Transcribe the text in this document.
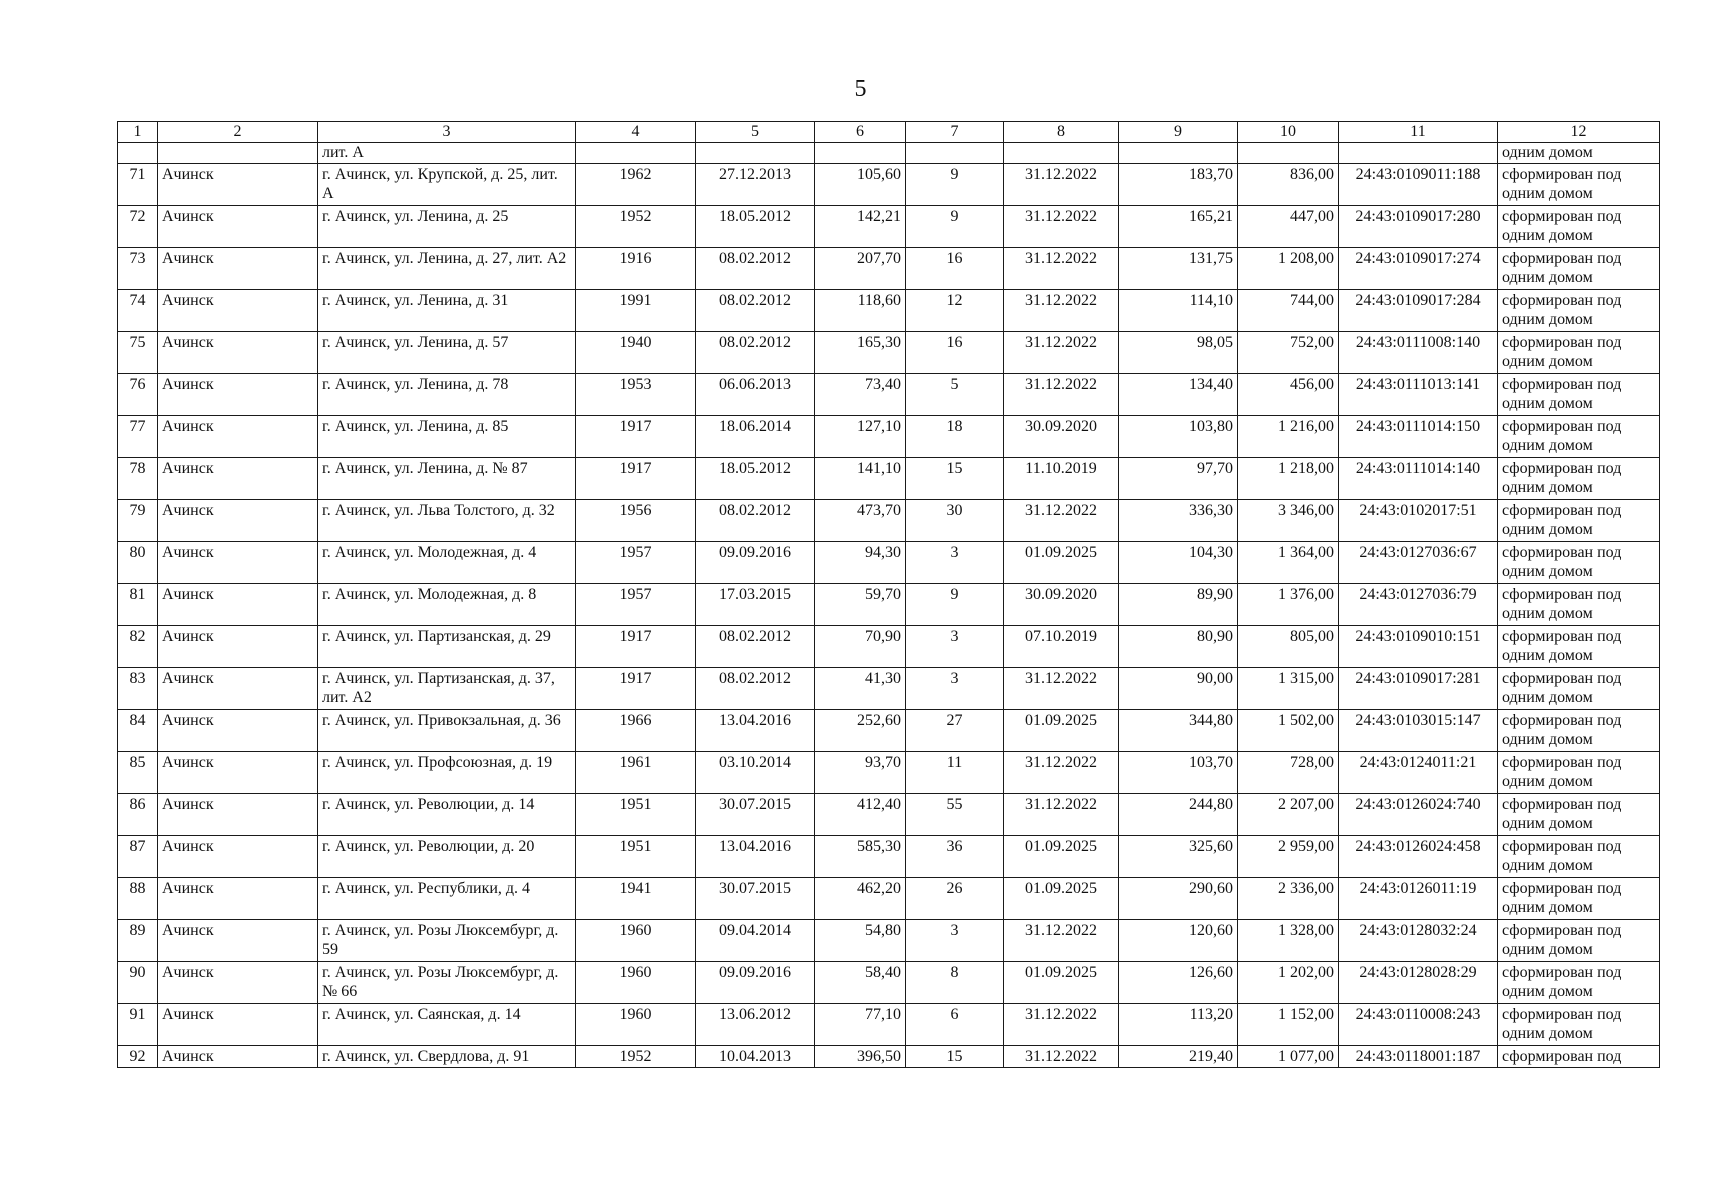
5
1	2	3	4	5	6	7	8	9	10	11	12
		лит. А									одним домом
71	Ачинск	г. Ачинск, ул. Крупской, д. 25, лит. А	1962	27.12.2013	105,60	9	31.12.2022	183,70	836,00	24:43:0109011:188	сформирован под одним домом
72	Ачинск	г. Ачинск, ул. Ленина, д. 25	1952	18.05.2012	142,21	9	31.12.2022	165,21	447,00	24:43:0109017:280	сформирован под одним домом
73	Ачинск	г. Ачинск, ул. Ленина, д. 27, лит. А2	1916	08.02.2012	207,70	16	31.12.2022	131,75	1 208,00	24:43:0109017:274	сформирован под одним домом
74	Ачинск	г. Ачинск, ул. Ленина, д. 31	1991	08.02.2012	118,60	12	31.12.2022	114,10	744,00	24:43:0109017:284	сформирован под одним домом
75	Ачинск	г. Ачинск, ул. Ленина, д. 57	1940	08.02.2012	165,30	16	31.12.2022	98,05	752,00	24:43:0111008:140	сформирован под одним домом
76	Ачинск	г. Ачинск, ул. Ленина, д. 78	1953	06.06.2013	73,40	5	31.12.2022	134,40	456,00	24:43:0111013:141	сформирован под одним домом
77	Ачинск	г. Ачинск, ул. Ленина, д. 85	1917	18.06.2014	127,10	18	30.09.2020	103,80	1 216,00	24:43:0111014:150	сформирован под одним домом
78	Ачинск	г. Ачинск, ул. Ленина, д. № 87	1917	18.05.2012	141,10	15	11.10.2019	97,70	1 218,00	24:43:0111014:140	сформирован под одним домом
79	Ачинск	г. Ачинск, ул. Льва Толстого, д. 32	1956	08.02.2012	473,70	30	31.12.2022	336,30	3 346,00	24:43:0102017:51	сформирован под одним домом
80	Ачинск	г. Ачинск, ул. Молодежная, д. 4	1957	09.09.2016	94,30	3	01.09.2025	104,30	1 364,00	24:43:0127036:67	сформирован под одним домом
81	Ачинск	г. Ачинск, ул. Молодежная, д. 8	1957	17.03.2015	59,70	9	30.09.2020	89,90	1 376,00	24:43:0127036:79	сформирован под одним домом
82	Ачинск	г. Ачинск, ул. Партизанская, д. 29	1917	08.02.2012	70,90	3	07.10.2019	80,90	805,00	24:43:0109010:151	сформирован под одним домом
83	Ачинск	г. Ачинск, ул. Партизанская, д. 37, лит. А2	1917	08.02.2012	41,30	3	31.12.2022	90,00	1 315,00	24:43:0109017:281	сформирован под одним домом
84	Ачинск	г. Ачинск, ул. Привокзальная, д. 36	1966	13.04.2016	252,60	27	01.09.2025	344,80	1 502,00	24:43:0103015:147	сформирован под одним домом
85	Ачинск	г. Ачинск, ул. Профсоюзная, д. 19	1961	03.10.2014	93,70	11	31.12.2022	103,70	728,00	24:43:0124011:21	сформирован под одним домом
86	Ачинск	г. Ачинск, ул. Революции, д. 14	1951	30.07.2015	412,40	55	31.12.2022	244,80	2 207,00	24:43:0126024:740	сформирован под одним домом
87	Ачинск	г. Ачинск, ул. Революции, д. 20	1951	13.04.2016	585,30	36	01.09.2025	325,60	2 959,00	24:43:0126024:458	сформирован под одним домом
88	Ачинск	г. Ачинск, ул. Республики, д. 4	1941	30.07.2015	462,20	26	01.09.2025	290,60	2 336,00	24:43:0126011:19	сформирован под одним домом
89	Ачинск	г. Ачинск, ул. Розы Люксембург, д. 59	1960	09.04.2014	54,80	3	31.12.2022	120,60	1 328,00	24:43:0128032:24	сформирован под одним домом
90	Ачинск	г. Ачинск, ул. Розы Люксембург, д. № 66	1960	09.09.2016	58,40	8	01.09.2025	126,60	1 202,00	24:43:0128028:29	сформирован под одним домом
91	Ачинск	г. Ачинск, ул. Саянская, д. 14	1960	13.06.2012	77,10	6	31.12.2022	113,20	1 152,00	24:43:0110008:243	сформирован под одним домом
92	Ачинск	г. Ачинск, ул. Свердлова, д. 91	1952	10.04.2013	396,50	15	31.12.2022	219,40	1 077,00	24:43:0118001:187	сформирован под
